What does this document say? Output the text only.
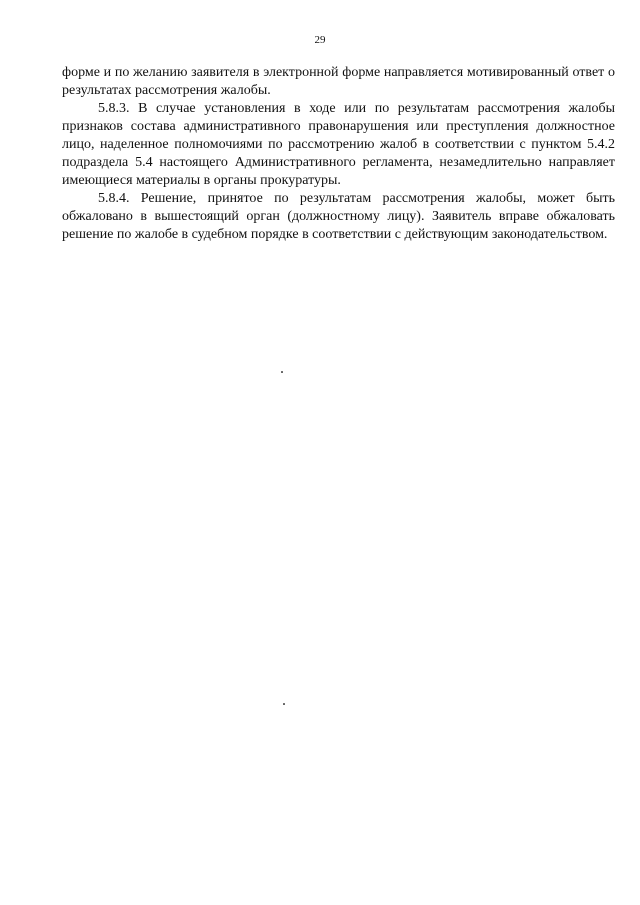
29

форме и по желанию заявителя в электронной форме направляется мотивированный ответ о результатах рассмотрения жалобы.

5.8.3. В случае установления в ходе или по результатам рассмотрения жалобы признаков состава административного правонарушения или преступления должностное лицо, наделенное полномочиями по рассмотрению жалоб в соответствии с пунктом 5.4.2 подраздела 5.4 настоящего Административного регламента, незамедлительно направляет имеющиеся материалы в органы прокуратуры.

5.8.4. Решение, принятое по результатам рассмотрения жалобы, может быть обжаловано в вышестоящий орган (должностному лицу). Заявитель вправе обжаловать решение по жалобе в судебном порядке в соответствии с действующим законодательством.
